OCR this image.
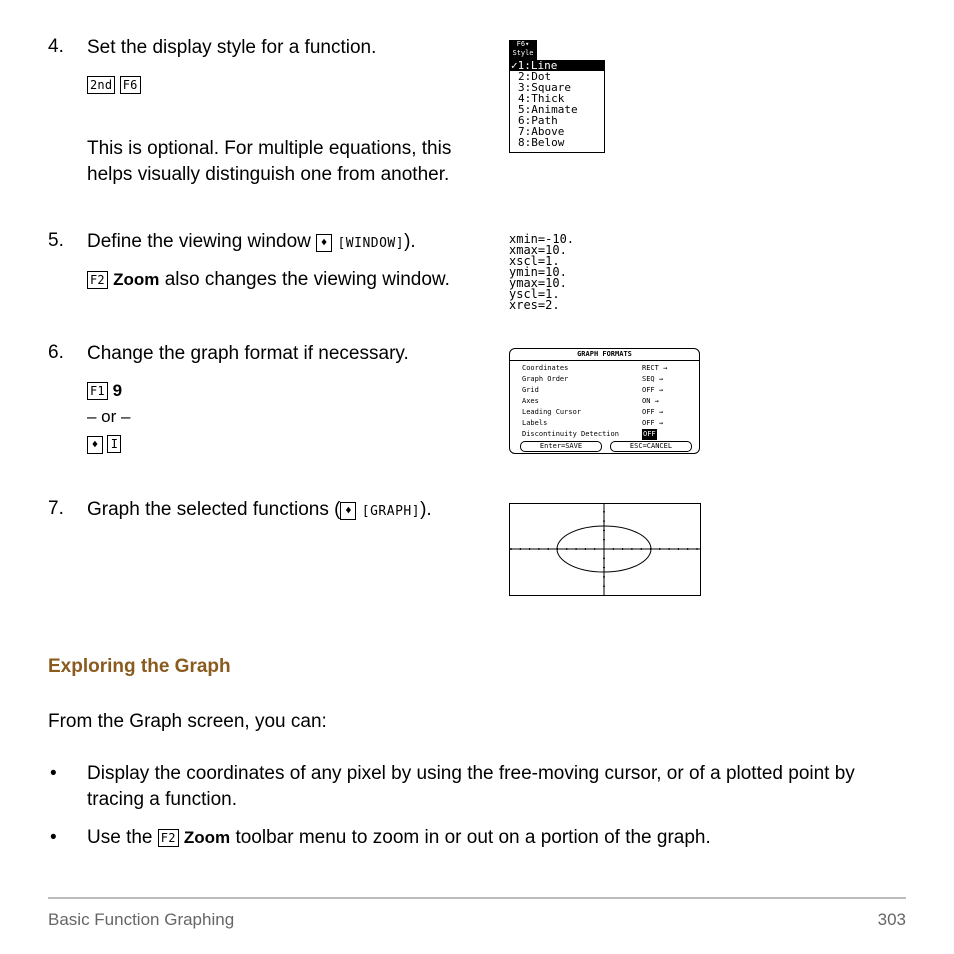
4. Set the display style for a function.
2nd F6
This is optional. For multiple equations, this helps visually distinguish one from another.
F6▾
Style
✓1:Line
2:Dot
3:Square
4:Thick
5:Animate
6:Path
7:Above
8:Below
5. Define the viewing window ♦ [WINDOW]).
F2 Zoom also changes the viewing window.
xmin=-10.
xmax=10.
xscl=1.
ymin=10.
ymax=10.
yscl=1.
xres=2.
6. Change the graph format if necessary.
F1 9
– or –
♦ I
GRAPH FORMATS
Coordinates	RECT →
Graph Order	SEQ →
Grid	OFF →
Axes	ON →
Leading Cursor	OFF →
Labels	OFF →
Discontinuity Detection	OFF
Enter=SAVE	ESC=CANCEL
7. Graph the selected functions ( ♦ [GRAPH]).
Exploring the Graph
From the Graph screen, you can:
• Display the coordinates of any pixel by using the free-moving cursor, or of a plotted point by tracing a function.
• Use the F2 Zoom toolbar menu to zoom in or out on a portion of the graph.
Basic Function Graphing	303
